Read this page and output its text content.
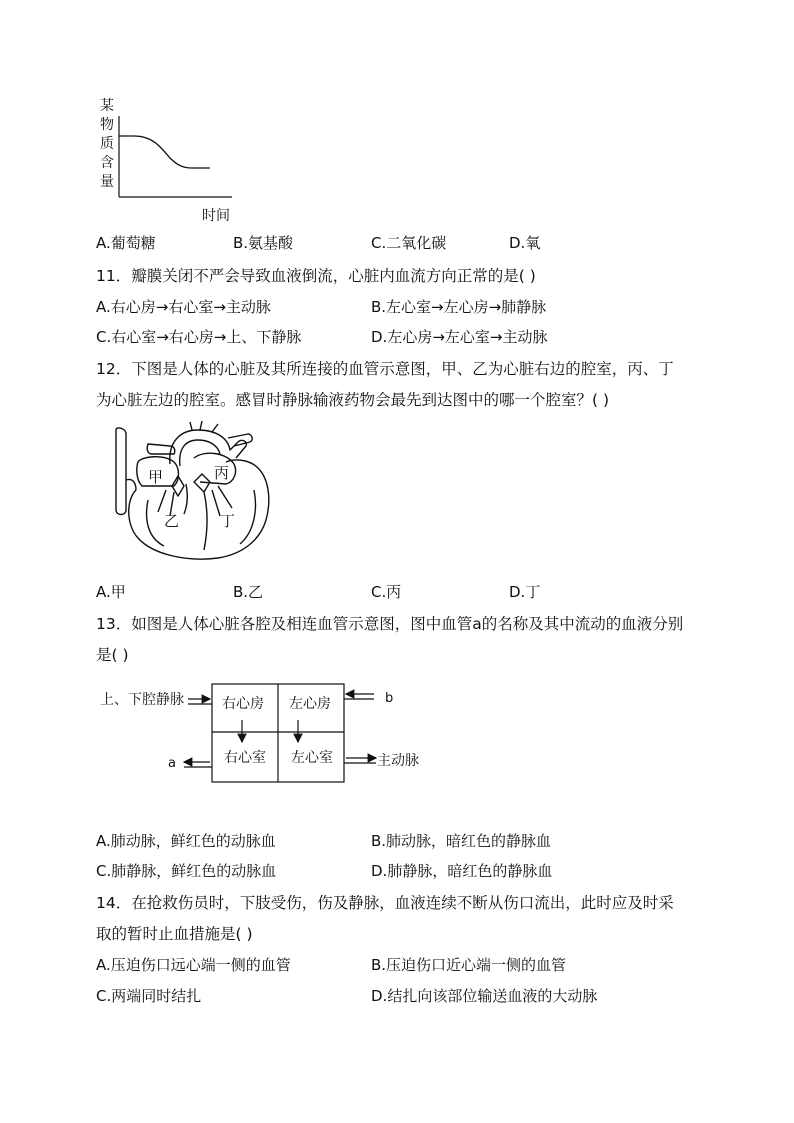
某
物
质
含
量
时间
A.葡萄糖	B.氨基酸	C.二氧化碳	D.氧
11．瓣膜关闭不严会导致血液倒流，心脏内血流方向正常的是( )
A.右心房→右心室→主动脉	B.左心室→左心房→肺静脉
C.右心室→右心房→上、下静脉	D.左心房→左心室→主动脉
12．下图是人体的心脏及其所连接的血管示意图，甲、乙为心脏右边的腔室，丙、丁
为心脏左边的腔室。感冒时静脉输液药物会最先到达图中的哪一个腔室？( )
甲	丙
乙	丁
A.甲	B.乙	C.丙	D.丁
13．如图是人体心脏各腔及相连血管示意图，图中血管a的名称及其中流动的血液分别
是( )
上、下腔静脉	右心房 左心房
右心室 左心室
b
a	主动脉
A.肺动脉，鲜红色的动脉血	B.肺动脉，暗红色的静脉血
C.肺静脉，鲜红色的动脉血	D.肺静脉，暗红色的静脉血
14．在抢救伤员时，下肢受伤，伤及静脉，血液连续不断从伤口流出，此时应及时采
取的暂时止血措施是( )
A.压迫伤口远心端一侧的血管	B.压迫伤口近心端一侧的血管
C.两端同时结扎	D.结扎向该部位输送血液的大动脉
